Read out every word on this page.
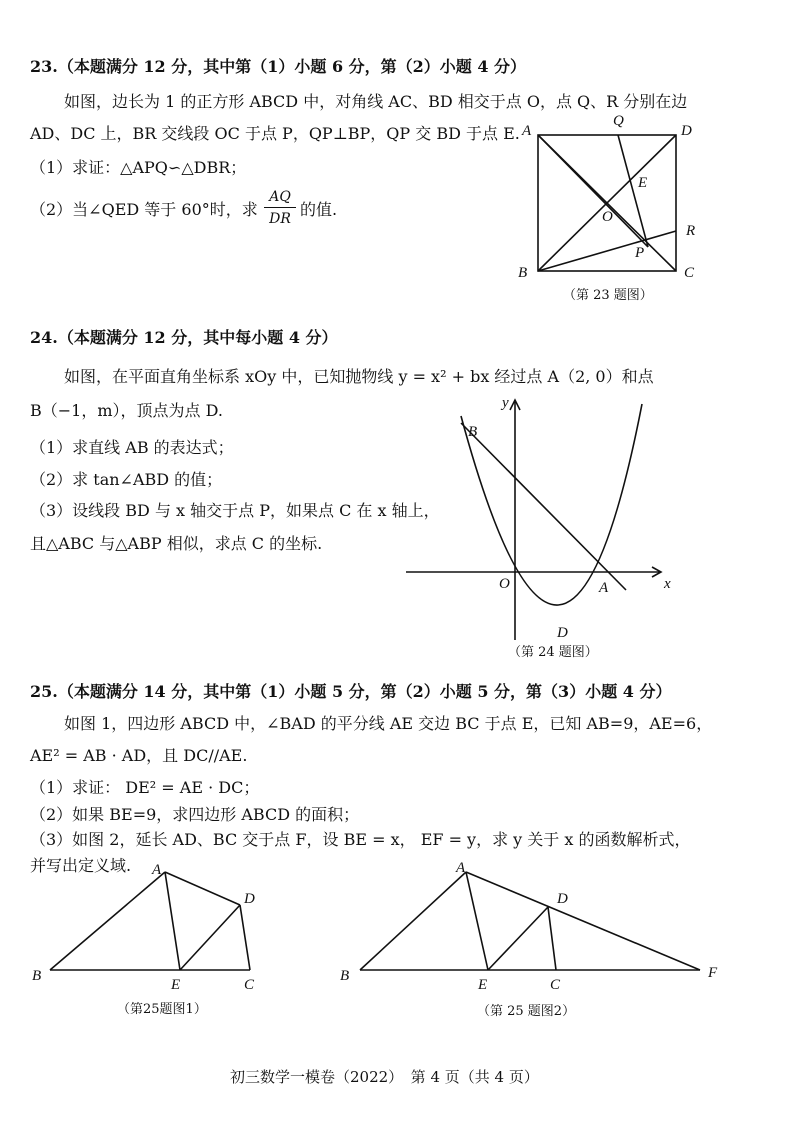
23.（本题满分 12 分，其中第（1）小题 6 分，第（2）小题 4 分）
如图，边长为 1 的正方形 ABCD 中，对角线 AC、BD 相交于点 O，点 Q、R 分别在边
AD、DC 上，BR 交线段 OC 于点 P，QP⊥BP，QP 交 BD 于点 E.
（1）求证：△APQ∽△DBR；
（2）当∠QED 等于 60°时，求
AQ
DR 的值.
A
Q
D
E
O
R
P
B	C
（第 23 题图）
24.（本题满分 12 分，其中每小题 4 分）
如图，在平面直角坐标系 xOy 中，已知抛物线 y = x² + bx 经过点 A（2, 0）和点
B（−1，m），顶点为点 D.
（1）求直线 AB 的表达式；
（2）求 tan∠ABD 的值；
（3）设线段 BD 与 x 轴交于点 P，如果点 C 在 x 轴上，
且△ABC 与△ABP 相似，求点 C 的坐标.
y
B
O	A	x
D
（第 24 题图）
25.（本题满分 14 分，其中第（1）小题 5 分，第（2）小题 5 分，第（3）小题 4 分）
如图 1，四边形 ABCD 中，∠BAD 的平分线 AE 交边 BC 于点 E，已知 AB=9，AE=6，
AE² = AB · AD，且 DC//AE.
（1）求证： DE² = AE · DC；
（2）如果 BE=9，求四边形 ABCD 的面积；
（3）如图 2，延长 AD、BC 交于点 F，设 BE = x， EF = y，求 y 关于 x 的函数解析式，
并写出定义域. A
D
B
E	C
（第25题图1）
A
D
B
E	C
F
（第 25 题图2）
初三数学一模卷（2022）　第 4 页（共 4 页）
